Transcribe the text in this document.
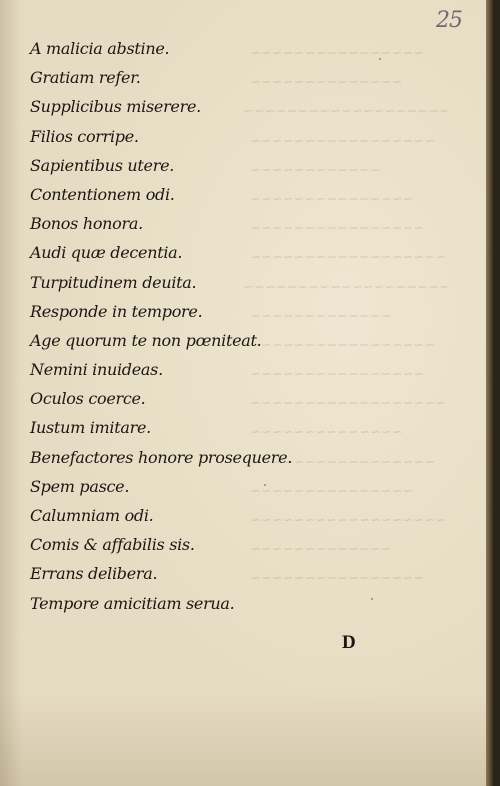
25
~~~~~~~~~~~~~~~~
~~~~~~~~~~~~~~
~~~~~~~~~~~~~~~~~~~
~~~~~~~~~~~~~~~~~
~~~~~~~~~~~~
~~~~~~~~~~~~~~~
~~~~~~~~~~~~~~~~
~~~~~~~~~~~~~~~~~~
~~~~~~~~~~~~~~~~~~~
~~~~~~~~~~~~~
~~~~~~~~~~~~~~~~~
~~~~~~~~~~~~~~~~
~~~~~~~~~~~~~~~~~~
~~~~~~~~~~~~~~
~~~~~~~~~~~~~~~~~
~~~~~~~~~~~~~~~
~~~~~~~~~~~~~~~~~~
~~~~~~~~~~~~~
~~~~~~~~~~~~~~~~
A malicia abstine.
Gratiam refer.
Supplicibus miserere.
Filios corripe.
Sapientibus utere.
Contentionem odi.
Bonos honora.
Audi quæ decentia.
Turpitudinem deuita.
Responde in tempore.
Age quorum te non pœniteat.
Nemini inuideas.
Oculos coerce.
Iustum imitare.
Benefactores honore prosequere.
Spem pasce.
Calumniam odi.
Comis & affabilis sis.
Errans delibera.
Tempore amicitiam serua.
D
